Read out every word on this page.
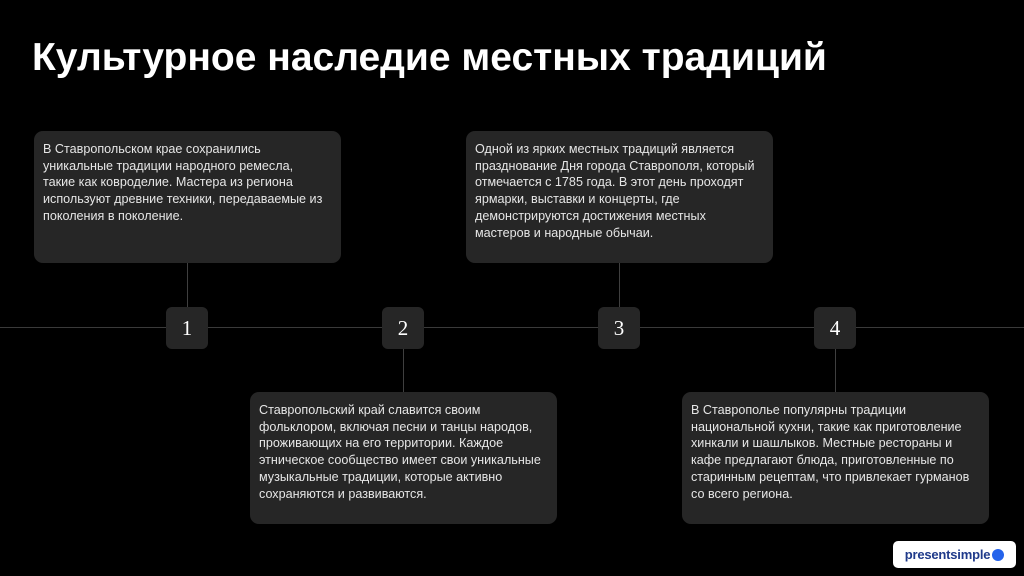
Культурное наследие местных традиций
В Ставропольском крае сохранились уникальные традиции народного ремесла, такие как ковроделие. Мастера из региона используют древние техники, передаваемые из поколения в поколение.
Ставропольский край славится своим фольклором, включая песни и танцы народов, проживающих на его территории. Каждое этническое сообщество имеет свои уникальные музыкальные традиции, которые активно сохраняются и развиваются.
Одной из ярких местных традиций является празднование Дня города Ставрополя, который отмечается с 1785 года. В этот день проходят ярмарки, выставки и концерты, где демонстрируются достижения местных мастеров и народные обычаи.
В Ставрополье популярны традиции национальной кухни, такие как приготовление хинкали и шашлыков. Местные рестораны и кафе предлагают блюда, приготовленные по старинным рецептам, что привлекает гурманов со всего региона.
1	2	3	4
presentsimple
